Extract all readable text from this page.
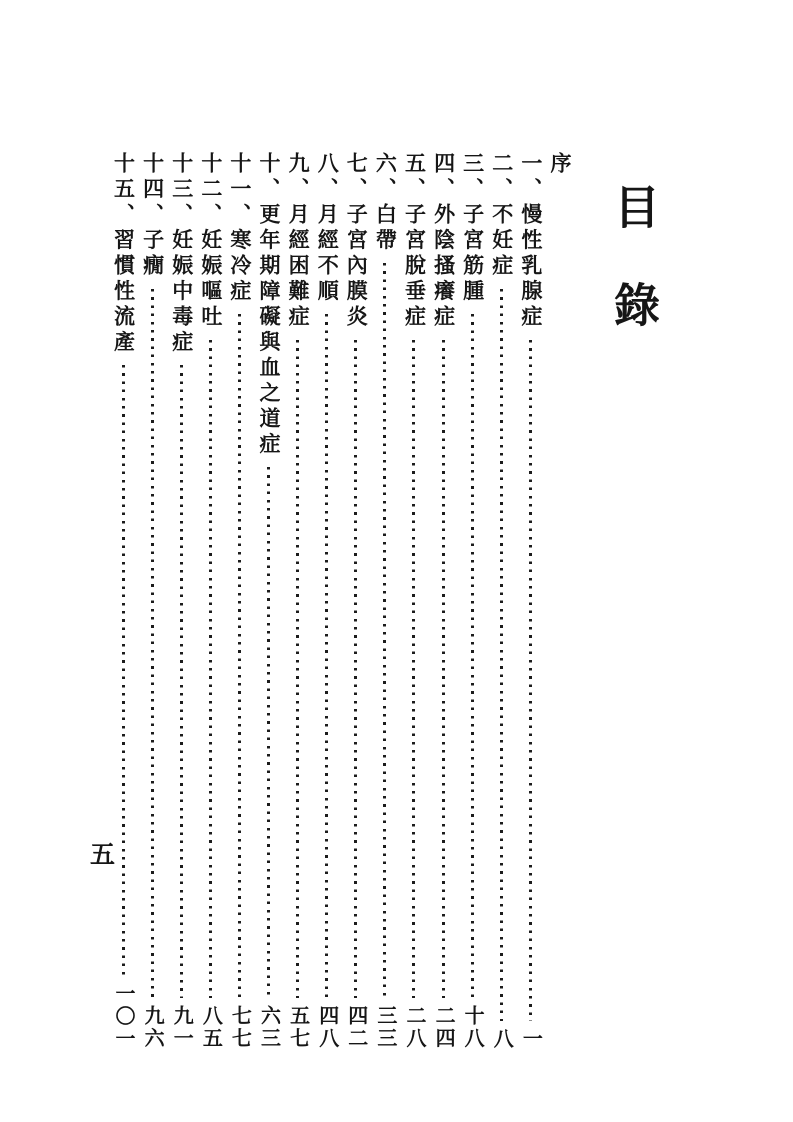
目錄
序
一、慢性乳腺症
一
二、不妊症
八
三、子宮筋腫
十八
四、外陰搔癢症
二四
五、子宮脫垂症
二八
六、白帶
三三
七、子宮內膜炎
四二
八、月經不順
四八
九、月經困難症
五七
十、更年期障礙與血之道症
六三
十一、寒冷症
七七
十二、妊娠嘔吐
八五
十三、妊娠中毒症
九一
十四、子癇
九六
十五、習慣性流產
一〇一
五
